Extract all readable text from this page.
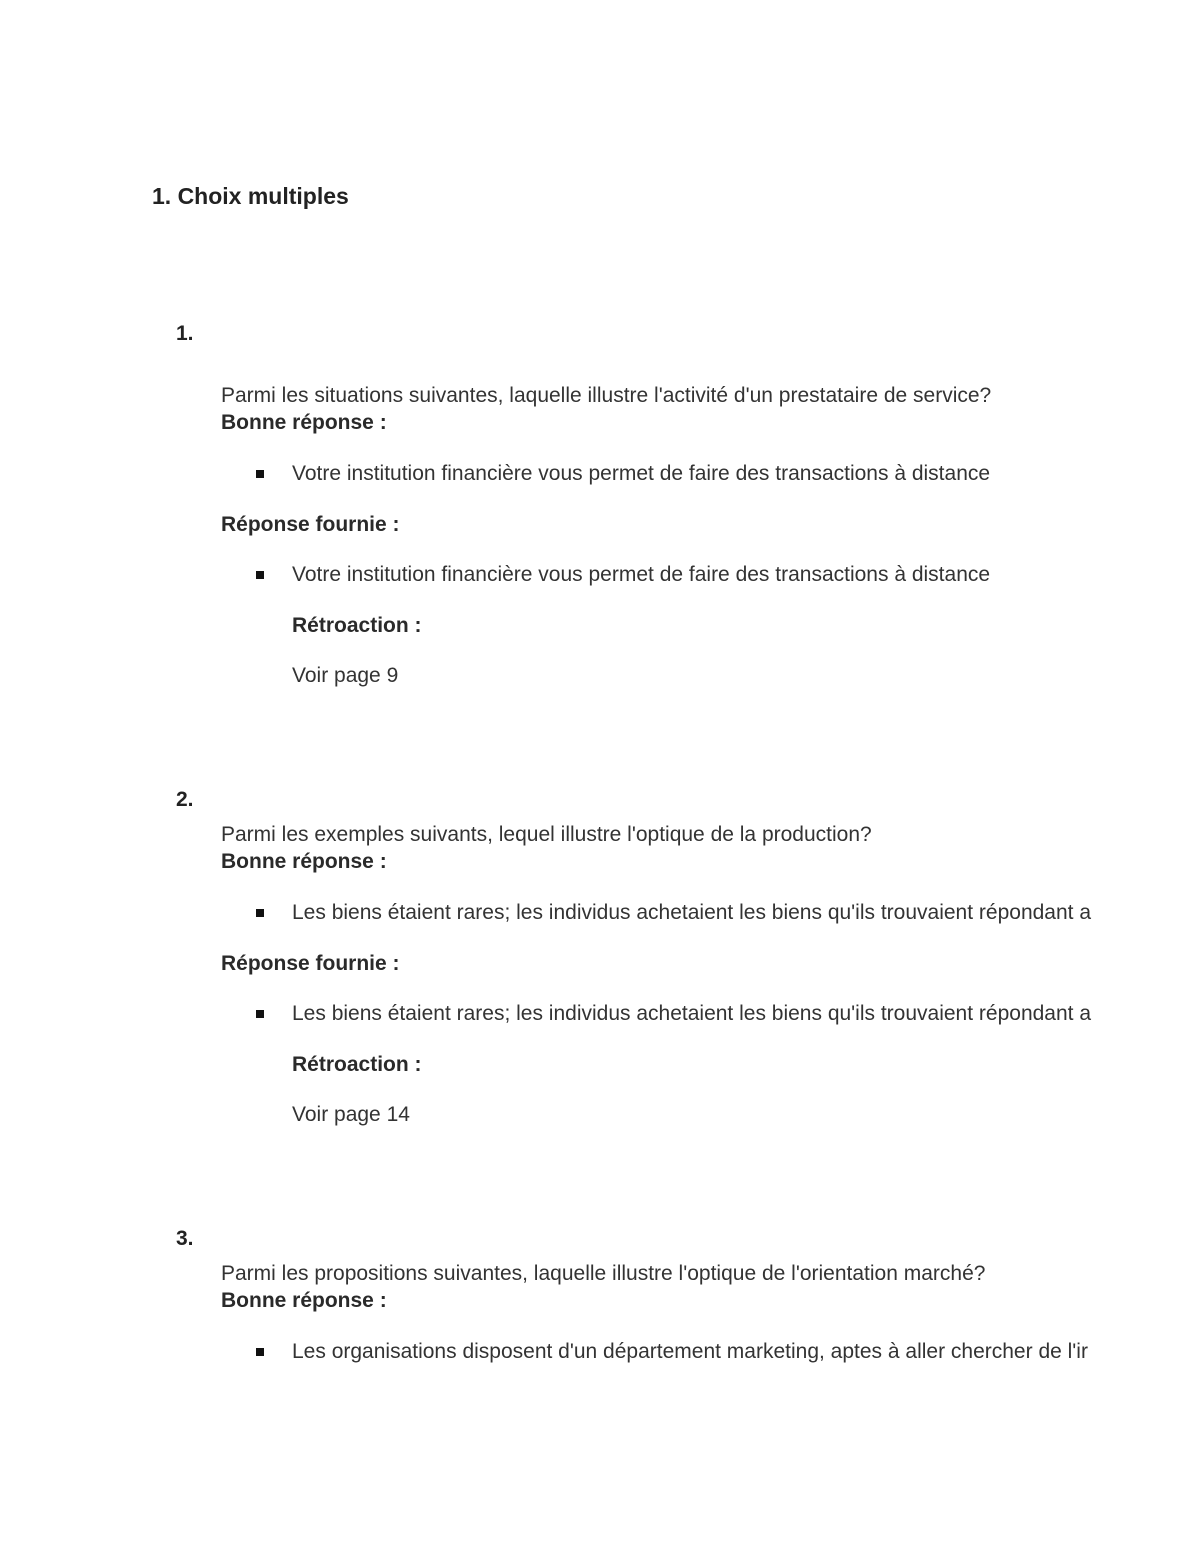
1. Choix multiples
1.
Parmi les situations suivantes, laquelle illustre l'activité d'un prestataire de service?
Bonne réponse :
Votre institution financière vous permet de faire des transactions à distance
Réponse fournie :
Votre institution financière vous permet de faire des transactions à distance
Rétroaction :
Voir page 9
2.
Parmi les exemples suivants, lequel illustre l'optique de la production?
Bonne réponse :
Les biens étaient rares; les individus achetaient les biens qu'ils trouvaient répondant a
Réponse fournie :
Les biens étaient rares; les individus achetaient les biens qu'ils trouvaient répondant a
Rétroaction :
Voir page 14
3.
Parmi les propositions suivantes, laquelle illustre l'optique de l'orientation marché?
Bonne réponse :
Les organisations disposent d'un département marketing, aptes à aller chercher de l'ir
